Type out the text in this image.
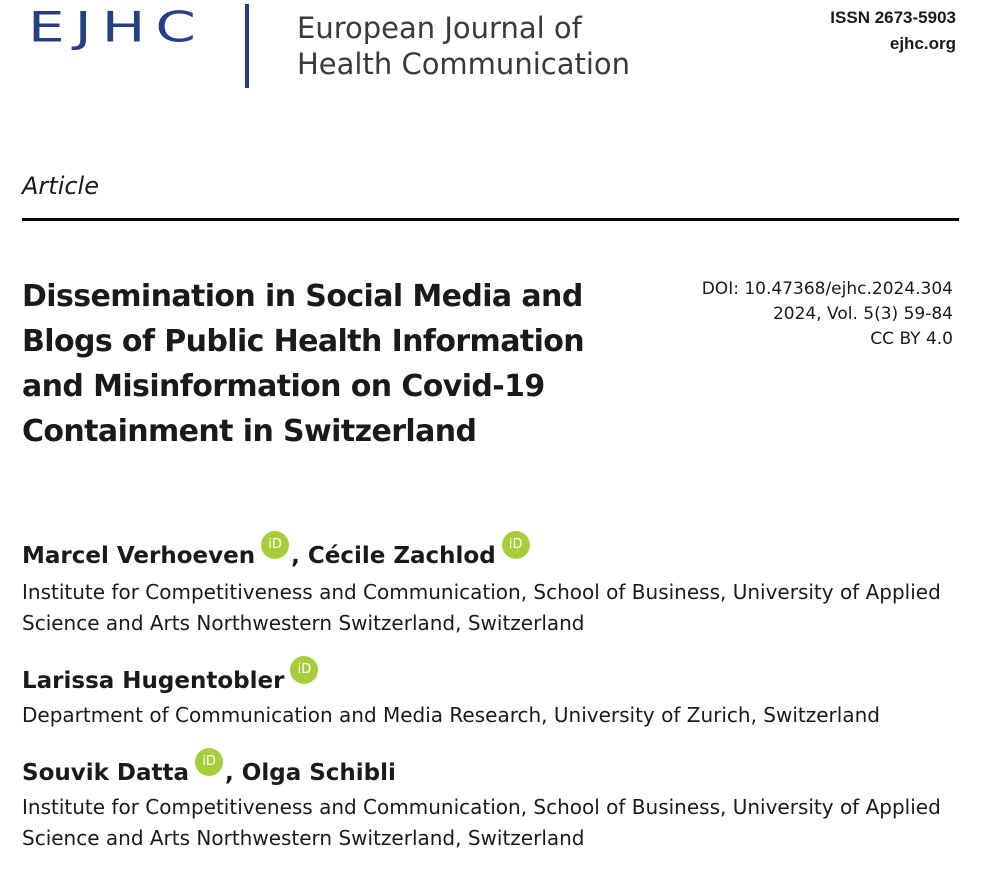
EJHC	European Journal of
Health Communication
ISSN 2673-5903
ejhc.org
Article
Dissemination in Social Media and
Blogs of Public Health Information
and Misinformation on Covid-19
Containment in Switzerland
DOI: 10.47368/ejhc.2024.304
2024, Vol. 5(3) 59-84
CC BY 4.0
Marcel Verhoeven	iD , Cécile Zachlod	iD
Institute for Competitiveness and Communication, School of Business, University of Applied
Science and Arts Northwestern Switzerland, Switzerland
Larissa Hugentobler	iD
Department of Communication and Media Research, University of Zurich, Switzerland
Souvik Datta	iD , Olga Schibli
Institute for Competitiveness and Communication, School of Business, University of Applied
Science and Arts Northwestern Switzerland, Switzerland
